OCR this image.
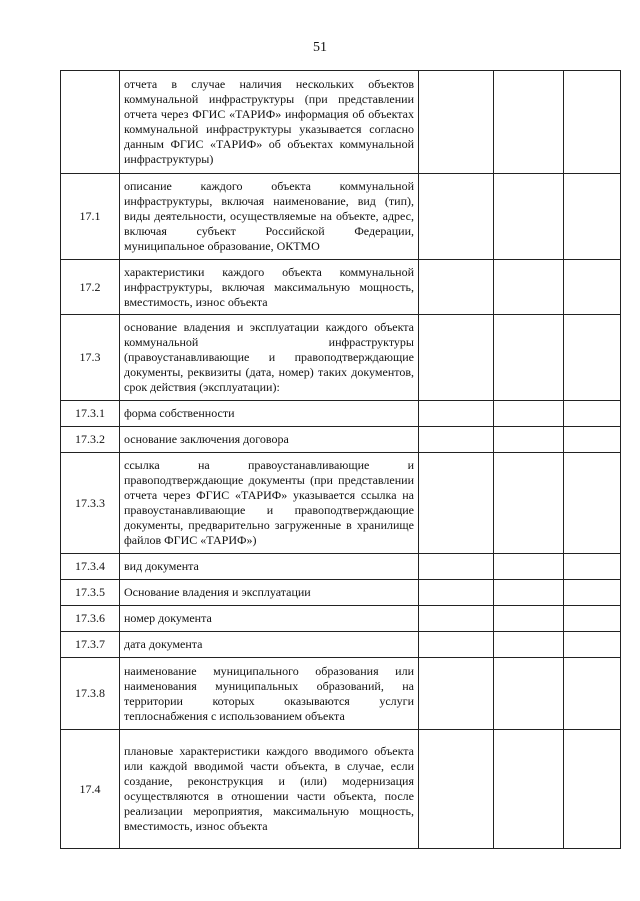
51
	отчета в случае наличия нескольких объектов коммунальной инфраструктуры (при представлении отчета через ФГИС «ТАРИФ» информация об объектах коммунальной инфраструктуры указывается согласно данным ФГИС «ТАРИФ» об объектах коммунальной инфраструктуры)			
17.1	описание каждого объекта коммунальной инфраструктуры, включая наименование, вид (тип), виды деятельности, осуществляемые на объекте, адрес, включая субъект Российской Федерации, муниципальное образование, ОКТМО			
17.2	характеристики каждого объекта коммунальной инфраструктуры, включая максимальную мощность, вместимость, износ объекта			
17.3	основание владения и эксплуатации каждого объекта коммунальной инфраструктуры (правоустанавливающие и правоподтверждающие документы, реквизиты (дата, номер) таких документов, срок действия (эксплуатации):			
17.3.1	форма собственности			
17.3.2	основание заключения договора			
17.3.3	ссылка на правоустанавливающие и правоподтверждающие документы (при представлении отчета через ФГИС «ТАРИФ» указывается ссылка на правоустанавливающие и правоподтверждающие документы, предварительно загруженные в хранилище файлов ФГИС «ТАРИФ»)			
17.3.4	вид документа			
17.3.5	Основание владения и эксплуатации			
17.3.6	номер документа			
17.3.7	дата документа			
17.3.8	наименование муниципального образования или наименования муниципальных образований, на территории которых оказываются услуги теплоснабжения с использованием объекта			
17.4	плановые характеристики каждого вводимого объекта или каждой вводимой части объекта, в случае, если создание, реконструкция и (или) модернизация осуществляются в отношении части объекта, после реализации мероприятия, максимальную мощность, вместимость, износ объекта			
